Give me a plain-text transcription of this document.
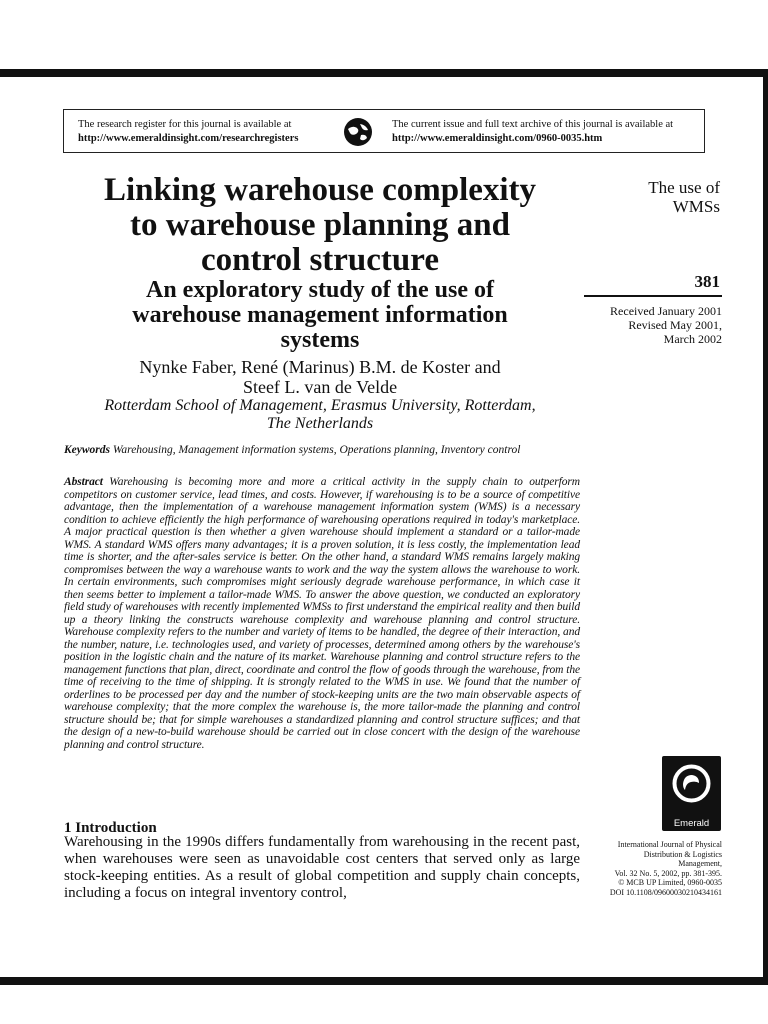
The research register for this journal is available at
http://www.emeraldinsight.com/researchregisters
The current issue and full text archive of this journal is available at
http://www.emeraldinsight.com/0960-0035.htm
Linking warehouse complexity
to warehouse planning and
control structure
An exploratory study of the use of
warehouse management information
systems
Nynke Faber, René (Marinus) B.M. de Koster and
Steef L. van de Velde
Rotterdam School of Management, Erasmus University, Rotterdam,
The Netherlands
The use of
WMSs
381
Received January 2001
Revised May 2001,
March 2002
Keywords Warehousing, Management information systems, Operations planning, Inventory control
Abstract Warehousing is becoming more and more a critical activity in the supply chain to outperform competitors on customer service, lead times, and costs. However, if warehousing is to be a source of competitive advantage, then the implementation of a warehouse management information system (WMS) is a necessary condition to achieve efficiently the high performance of warehousing operations required in today's marketplace. A major practical question is then whether a given warehouse should implement a standard or a tailor-made WMS. A standard WMS offers many advantages; it is a proven solution, it is less costly, the implementation lead time is shorter, and the after-sales service is better. On the other hand, a standard WMS remains largely making compromises between the way a warehouse wants to work and the way the system allows the warehouse to work. In certain environments, such compromises might seriously degrade warehouse performance, in which case it then seems better to implement a tailor-made WMS. To answer the above question, we conducted an exploratory field study of warehouses with recently implemented WMSs to first understand the empirical reality and then build up a theory linking the constructs warehouse complexity and warehouse planning and control structure. Warehouse complexity refers to the number and variety of items to be handled, the degree of their interaction, and the number, nature, i.e. technologies used, and variety of processes, determined among others by the warehouse's position in the logistic chain and the nature of its market. Warehouse planning and control structure refers to the management functions that plan, direct, coordinate and control the flow of goods through the warehouse, from the time of receiving to the time of shipping. It is strongly related to the WMS in use. We found that the number of orderlines to be processed per day and the number of stock-keeping units are the two main observable aspects of warehouse complexity; that the more complex the warehouse is, the more tailor-made the planning and control structure should be; that for simple warehouses a standardized planning and control structure suffices; and that the design of a new-to-build warehouse should be carried out in close concert with the design of the warehouse planning and control structure.
1 Introduction
Warehousing in the 1990s differs fundamentally from warehousing in the recent past, when warehouses were seen as unavoidable cost centers that served only as large stock-keeping entities. As a result of global competition and supply chain concepts, including a focus on integral inventory control,
Emerald
International Journal of Physical
Distribution & Logistics
Management,
Vol. 32 No. 5, 2002, pp. 381-395.
© MCB UP Limited, 0960-0035
DOI 10.1108/09600030210434161
